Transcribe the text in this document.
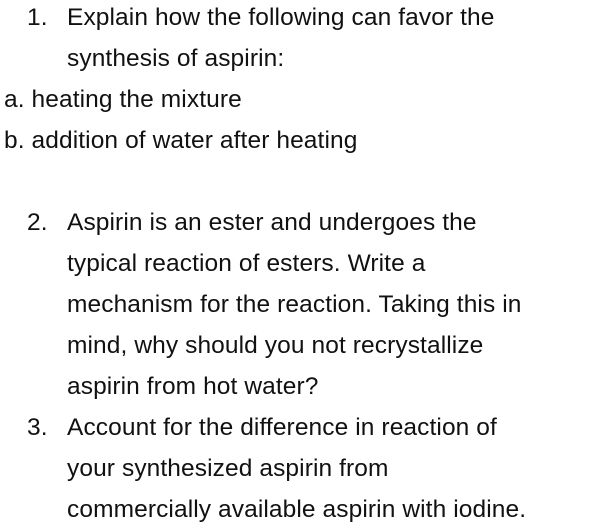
1. Explain how the following can favor the
synthesis of aspirin:
a. heating the mixture
b. addition of water after heating
2. Aspirin is an ester and undergoes the
typical reaction of esters. Write a
mechanism for the reaction. Taking this in
mind, why should you not recrystallize
aspirin from hot water?
3. Account for the difference in reaction of
your synthesized aspirin from
commercially available aspirin with iodine.
